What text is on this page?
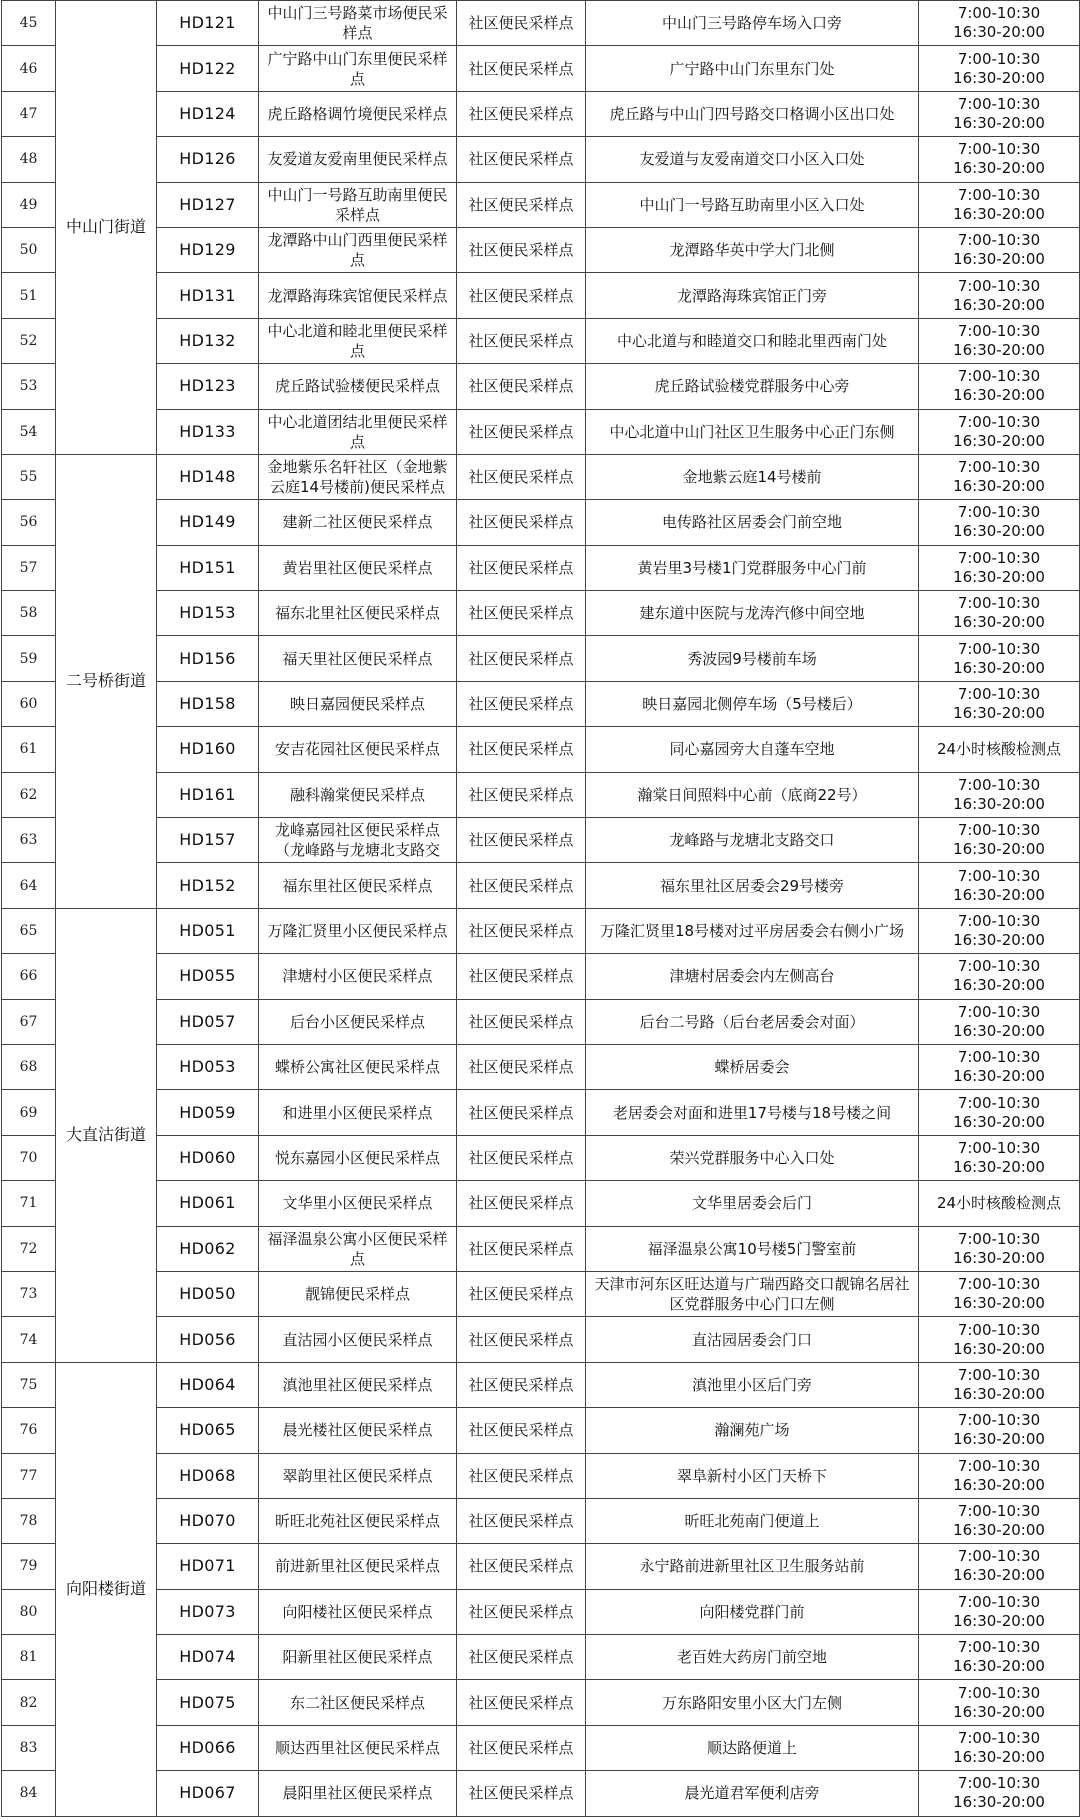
45	中山门街道	HD121	中山门三号路菜市场便民采样点	社区便民采样点	中山门三号路停车场入口旁	7:00-10:30
16:30-20:00

46		HD122	广宁路中山门东里便民采样点	社区便民采样点	广宁路中山门东里东门处	7:00-10:30
16:30-20:00

47		HD124	虎丘路格调竹境便民采样点	社区便民采样点	虎丘路与中山门四号路交口格调小区出口处	7:00-10:30
16:30-20:00

48		HD126	友爱道友爱南里便民采样点	社区便民采样点	友爱道与友爱南道交口小区入口处	7:00-10:30
16:30-20:00

49		HD127	中山门一号路互助南里便民采样点	社区便民采样点	中山门一号路互助南里小区入口处	7:00-10:30
16:30-20:00

50		HD129	龙潭路中山门西里便民采样点	社区便民采样点	龙潭路华英中学大门北侧	7:00-10:30
16:30-20:00

51		HD131	龙潭路海珠宾馆便民采样点	社区便民采样点	龙潭路海珠宾馆正门旁	7:00-10:30
16:30-20:00

52		HD132	中心北道和睦北里便民采样点	社区便民采样点	中心北道与和睦道交口和睦北里西南门处	7:00-10:30
16:30-20:00

53		HD123	虎丘路试验楼便民采样点	社区便民采样点	虎丘路试验楼党群服务中心旁	7:00-10:30
16:30-20:00

54		HD133	中心北道团结北里便民采样点	社区便民采样点	中心北道中山门社区卫生服务中心正门东侧	7:00-10:30
16:30-20:00

55	二号桥街道	HD148	金地紫乐名轩社区（金地紫云庭14号楼前)便民采样点	社区便民采样点	金地紫云庭14号楼前	7:00-10:30
16:30-20:00

56		HD149	建新二社区便民采样点	社区便民采样点	电传路社区居委会门前空地	7:00-10:30
16:30-20:00

57		HD151	黄岩里社区便民采样点	社区便民采样点	黄岩里3号楼1门党群服务中心门前	7:00-10:30
16:30-20:00

58		HD153	福东北里社区便民采样点	社区便民采样点	建东道中医院与龙涛汽修中间空地	7:00-10:30
16:30-20:00

59		HD156	福天里社区便民采样点	社区便民采样点	秀波园9号楼前车场	7:00-10:30
16:30-20:00

60		HD158	映日嘉园便民采样点	社区便民采样点	映日嘉园北侧停车场（5号楼后）	7:00-10:30
16:30-20:00

61		HD160	安吉花园社区便民采样点	社区便民采样点	同心嘉园旁大自蓬车空地	24小时核酸检测点

62		HD161	融科瀚棠便民采样点	社区便民采样点	瀚棠日间照料中心前（底商22号）	7:00-10:30
16:30-20:00

63		HD157	龙峰嘉园社区便民采样点（龙峰路与龙塘北支路交	社区便民采样点	龙峰路与龙塘北支路交口	7:00-10:30
16:30-20:00

64		HD152	福东里社区便民采样点	社区便民采样点	福东里社区居委会29号楼旁	7:00-10:30
16:30-20:00

65	大直沽街道	HD051	万隆汇贤里小区便民采样点	社区便民采样点	万隆汇贤里18号楼对过平房居委会右侧小广场	7:00-10:30
16:30-20:00

66		HD055	津塘村小区便民采样点	社区便民采样点	津塘村居委会内左侧高台	7:00-10:30
16:30-20:00

67		HD057	后台小区便民采样点	社区便民采样点	后台二号路（后台老居委会对面）	7:00-10:30
16:30-20:00

68		HD053	蝶桥公寓社区便民采样点	社区便民采样点	蝶桥居委会	7:00-10:30
16:30-20:00

69		HD059	和进里小区便民采样点	社区便民采样点	老居委会对面和进里17号楼与18号楼之间	7:00-10:30
16:30-20:00

70		HD060	悦东嘉园小区便民采样点	社区便民采样点	荣兴党群服务中心入口处	7:00-10:30
16:30-20:00

71		HD061	文华里小区便民采样点	社区便民采样点	文华里居委会后门	24小时核酸检测点

72		HD062	福泽温泉公寓小区便民采样点	社区便民采样点	福泽温泉公寓10号楼5门警室前	7:00-10:30
16:30-20:00

73		HD050	靓锦便民采样点	社区便民采样点	天津市河东区旺达道与广瑞西路交口靓锦名居社区党群服务中心门口左侧	7:00-10:30
16:30-20:00

74		HD056	直沽园小区便民采样点	社区便民采样点	直沽园居委会门口	7:00-10:30
16:30-20:00

75	向阳楼街道	HD064	滇池里社区便民采样点	社区便民采样点	滇池里小区后门旁	7:00-10:30
16:30-20:00

76		HD065	晨光楼社区便民采样点	社区便民采样点	瀚澜苑广场	7:00-10:30
16:30-20:00

77		HD068	翠韵里社区便民采样点	社区便民采样点	翠阜新村小区门天桥下	7:00-10:30
16:30-20:00

78		HD070	昕旺北苑社区便民采样点	社区便民采样点	昕旺北苑南门便道上	7:00-10:30
16:30-20:00

79		HD071	前进新里社区便民采样点	社区便民采样点	永宁路前进新里社区卫生服务站前	7:00-10:30
16:30-20:00

80		HD073	向阳楼社区便民采样点	社区便民采样点	向阳楼党群门前	7:00-10:30
16:30-20:00

81		HD074	阳新里社区便民采样点	社区便民采样点	老百姓大药房门前空地	7:00-10:30
16:30-20:00

82		HD075	东二社区便民采样点	社区便民采样点	万东路阳安里小区大门左侧	7:00-10:30
16:30-20:00

83		HD066	顺达西里社区便民采样点	社区便民采样点	顺达路便道上	7:00-10:30
16:30-20:00

84		HD067	晨阳里社区便民采样点	社区便民采样点	晨光道君军便利店旁	7:00-10:30
16:30-20:00
